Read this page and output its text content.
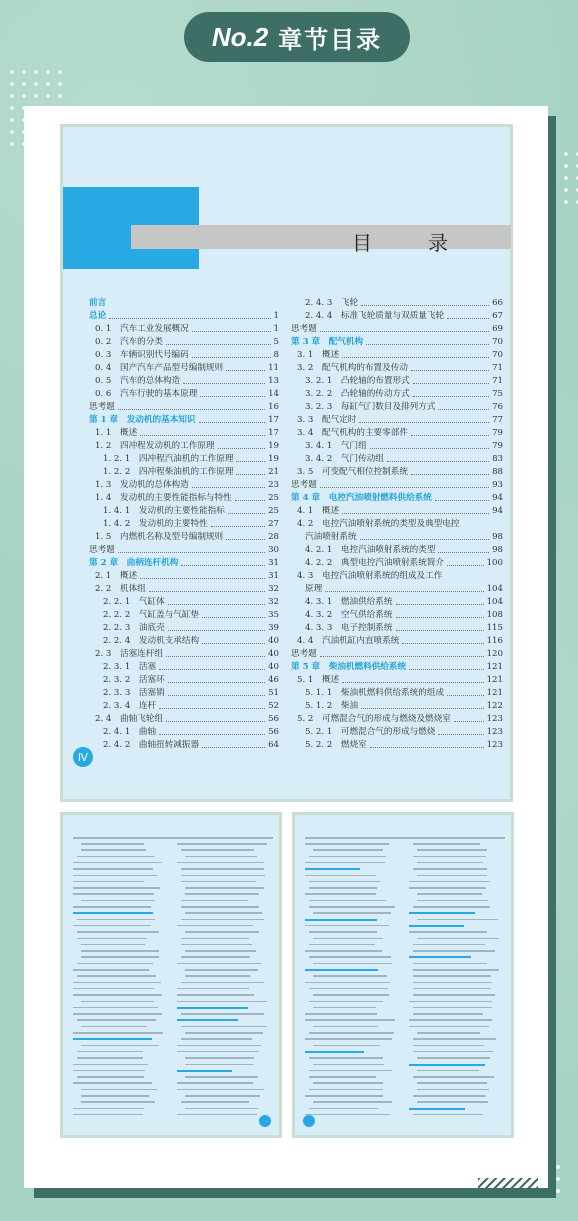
No.2 章节目录
目　录
前言
总论	1
0. 1　汽车工业发展概况	1
0. 2　汽车的分类	5
0. 3　车辆识别代号编码	8
0. 4　国产汽车产品型号编制规则	11
0. 5　汽车的总体构造	13
0. 6　汽车行驶的基本原理	14
思考题	16
第 1 章　发动机的基本知识	17
1. 1　概述	17
1. 2　四冲程发动机的工作原理	19
1. 2. 1　四冲程汽油机的工作原理	19
1. 2. 2　四冲程柴油机的工作原理	21
1. 3　发动机的总体构造	23
1. 4　发动机的主要性能指标与特性	25
1. 4. 1　发动机的主要性能指标	25
1. 4. 2　发动机的主要特性	27
1. 5　内燃机名称及型号编制规则	28
思考题	30
第 2 章　曲柄连杆机构	31
2. 1　概述	31
2. 2　机体组	32
2. 2. 1　气缸体	32
2. 2. 2　气缸盖与气缸垫	35
2. 2. 3　油底壳	39
2. 2. 4　发动机支承结构	40
2. 3　活塞连杆组	40
2. 3. 1　活塞	40
2. 3. 2　活塞环	46
2. 3. 3　活塞销	51
2. 3. 4　连杆	52
2. 4　曲轴飞轮组	56
2. 4. 1　曲轴	56
2. 4. 2　曲轴扭转减振器	64
2. 4. 3　飞轮	66
2. 4. 4　标准飞轮质量与双质量飞轮	67
思考题	69
第 3 章　配气机构	70
3. 1　概述	70
3. 2　配气机构的布置及传动	71
3. 2. 1　凸轮轴的布置形式	71
3. 2. 2　凸轮轴的传动方式	75
3. 2. 3　每缸气门数目及排列方式	76
3. 3　配气定时	77
3. 4　配气机构的主要零部件	79
3. 4. 1　气门组	79
3. 4. 2　气门传动组	83
3. 5　可变配气相位控制系统	88
思考题	93
第 4 章　电控汽油喷射燃料供给系统	94
4. 1　概述	94
4. 2　电控汽油喷射系统的类型及典型电控
汽油喷射系统	98
4. 2. 1　电控汽油喷射系统的类型	98
4. 2. 2　典型电控汽油喷射系统简介	100
4. 3　电控汽油喷射系统的组成及工作
原理	104
4. 3. 1　燃油供给系统	104
4. 3. 2　空气供给系统	108
4. 3. 3　电子控制系统	115
4. 4　汽油机缸内直喷系统	116
思考题	120
第 5 章　柴油机燃料供给系统	121
5. 1　概述	121
5. 1. 1　柴油机燃料供给系统的组成	121
5. 1. 2　柴油	122
5. 2　可燃混合气的形成与燃烧及燃烧室	123
5. 2. 1　可燃混合气的形成与燃烧	123
5. 2. 2　燃烧室	123
Ⅳ
